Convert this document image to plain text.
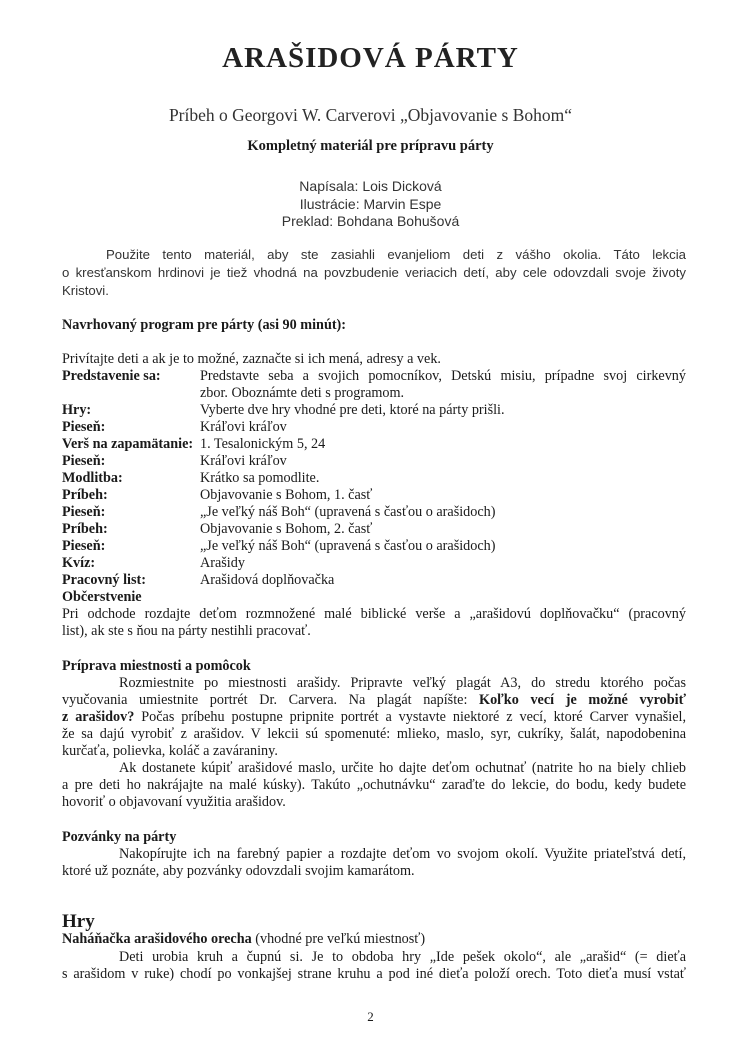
ARAŠIDOVÁ PÁRTY
Príbeh o Georgovi W. Carverovi „Objavovanie s Bohom“
Kompletný materiál pre prípravu párty
Napísala: Lois Dicková
Ilustrácie: Marvin Espe
Preklad: Bohdana Bohušová
Použite tento materiál, aby ste zasiahli evanjeliom deti z vášho okolia. Táto lekcia
o kresťanskom hrdinovi je tiež vhodná na povzbudenie veriacich detí, aby cele odovzdali svoje životy
Kristovi.
Navrhovaný program pre párty (asi 90 minút):
Privítajte deti a ak je to možné, zaznačte si ich mená, adresy a vek.
Predstavenie sa:	Predstavte seba a svojich pomocníkov, Detskú misiu, prípadne svoj cirkevný
zbor. Oboznámte deti s programom.
Hry:	Vyberte dve hry vhodné pre deti, ktoré na párty prišli.
Pieseň:	Kráľovi kráľov
Verš na zapamätanie: 1. Tesalonickým 5, 24
Pieseň:	Kráľovi kráľov
Modlitba:	Krátko sa pomodlite.
Príbeh:	Objavovanie s Bohom, 1. časť
Pieseň:	„Je veľký náš Boh“ (upravená s časťou o arašidoch)
Príbeh:	Objavovanie s Bohom, 2. časť
Pieseň:	„Je veľký náš Boh“ (upravená s časťou o arašidoch)
Kvíz:	Arašidy
Pracovný list:	Arašidová doplňovačka
Občerstvenie
Pri odchode rozdajte deťom rozmnožené malé biblické verše a „arašidovú doplňovačku“ (pracovný
list), ak ste s ňou na párty nestihli pracovať.
Príprava miestnosti a pomôcok
Rozmiestnite po miestnosti arašidy. Pripravte veľký plagát A3, do stredu ktorého počas
vyučovania umiestnite portrét Dr. Carvera. Na plagát napíšte: Koľko vecí je možné vyrobiť
z arašidov? Počas príbehu postupne pripnite portrét a vystavte niektoré z vecí, ktoré Carver vynašiel,
že sa dajú vyrobiť z arašidov. V lekcii sú spomenuté: mlieko, maslo, syr, cukríky, šalát, napodobenina
kurčaťa, polievka, koláč a zaváraniny.
Ak dostanete kúpiť arašidové maslo, určite ho dajte deťom ochutnať (natrite ho na biely chlieb
a pre deti ho nakrájajte na malé kúsky). Takúto „ochutnávku“ zaraďte do lekcie, do bodu, kedy budete
hovoriť o objavovaní využitia arašidov.
Pozvánky na párty
Nakopírujte ich na farebný papier a rozdajte deťom vo svojom okolí. Využite priateľstvá detí,
ktoré už poznáte, aby pozvánky odovzdali svojim kamarátom.
Hry
Naháňačka arašidového orecha (vhodné pre veľkú miestnosť)
Deti urobia kruh a čupnú si. Je to obdoba hry „Ide pešek okolo“, ale „arašid“ (= dieťa
s arašidom v ruke) chodí po vonkajšej strane kruhu a pod iné dieťa položí orech. Toto dieťa musí vstať
2
